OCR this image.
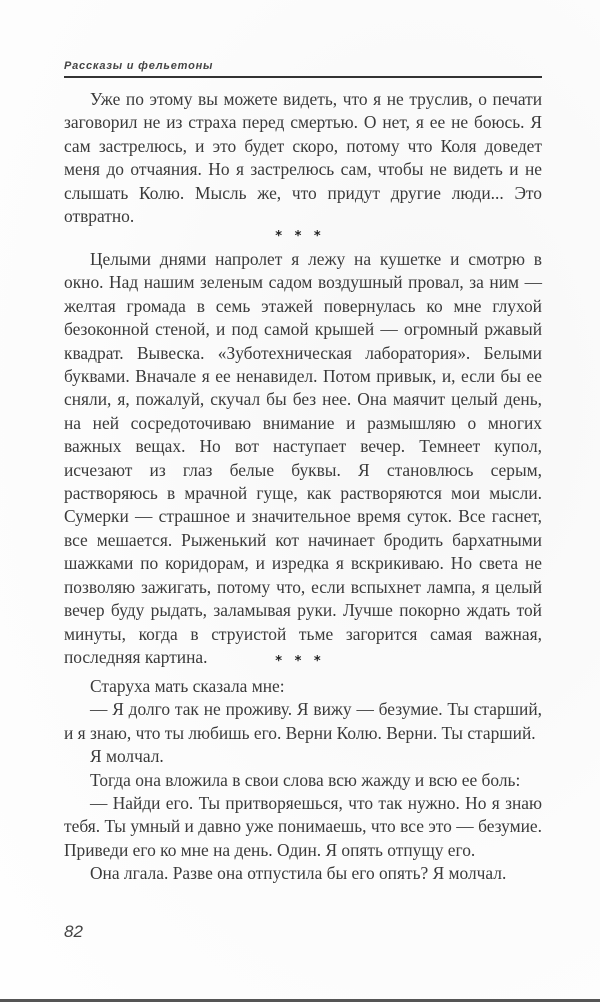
Рассказы и фельетоны

Уже по этому вы можете видеть, что я не труслив, о печати заговорил не из страха перед смертью. О нет, я ее не боюсь. Я сам застрелюсь, и это будет скоро, потому что Коля доведет меня до отчаяния. Но я застрелюсь сам, чтобы не видеть и не слышать Колю. Мысль же, что придут другие люди... Это отвратно.

* * *

Целыми днями напролет я лежу на кушетке и смотрю в окно. Над нашим зеленым садом воздушный провал, за ним — желтая громада в семь этажей повернулась ко мне глухой безоконной стеной, и под самой крышей — огромный ржавый квадрат. Вывеска. «Зуботехническая лаборатория». Белыми буквами. Вначале я ее ненавидел. Потом привык, и, если бы ее сняли, я, пожалуй, скучал бы без нее. Она маячит целый день, на ней сосредоточиваю внимание и размышляю о многих важных вещах. Но вот наступает вечер. Темнеет купол, исчезают из глаз белые буквы. Я становлюсь серым, растворяюсь в мрачной гуще, как растворяются мои мысли. Сумерки — страшное и значительное время суток. Все гаснет, все мешается. Рыженький кот начинает бродить бархатными шажками по коридорам, и изредка я вскрикиваю. Но света не позволяю зажигать, потому что, если вспыхнет лампа, я целый вечер буду рыдать, заламывая руки. Лучше покорно ждать той минуты, когда в струистой тьме загорится самая важная, последняя картина.	* * *

Старуха мать сказала мне:

— Я долго так не проживу. Я вижу — безумие. Ты старший, и я знаю, что ты любишь его. Верни Колю. Верни. Ты старший.

Я молчал.

Тогда она вложила в свои слова всю жажду и всю ее боль:

— Найди его. Ты притворяешься, что так нужно. Но я знаю тебя. Ты умный и давно уже понимаешь, что все это — безумие. Приведи его ко мне на день. Один. Я опять отпущу его.

Она лгала. Разве она отпустила бы его опять? Я молчал.

82
